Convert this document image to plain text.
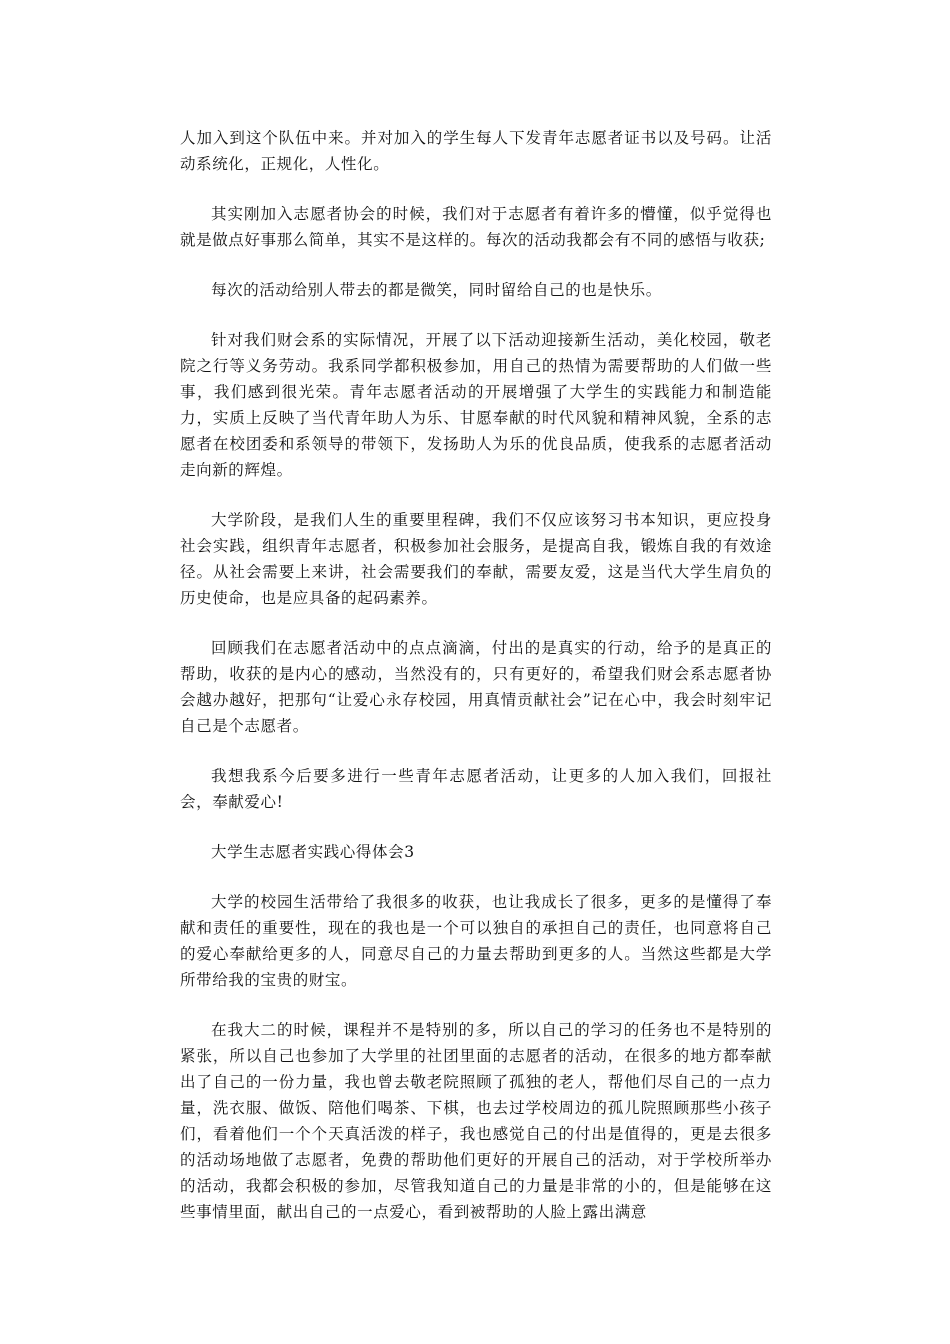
人加入到这个队伍中来。并对加入的学生每人下发青年志愿者证书以及号码。让活动系统化，正规化，人性化。

其实刚加入志愿者协会的时候，我们对于志愿者有着许多的懵懂，似乎觉得也就是做点好事那么简单，其实不是这样的。每次的活动我都会有不同的感悟与收获;

每次的活动给别人带去的都是微笑，同时留给自己的也是快乐。

针对我们财会系的实际情况，开展了以下活动迎接新生活动，美化校园，敬老院之行等义务劳动。我系同学都积极参加，用自己的热情为需要帮助的人们做一些事，我们感到很光荣。青年志愿者活动的开展增强了大学生的实践能力和制造能力，实质上反映了当代青年助人为乐、甘愿奉献的时代风貌和精神风貌，全系的志愿者在校团委和系领导的带领下，发扬助人为乐的优良品质，使我系的志愿者活动走向新的辉煌。

大学阶段，是我们人生的重要里程碑，我们不仅应该努习书本知识，更应投身社会实践，组织青年志愿者，积极参加社会服务，是提高自我，锻炼自我的有效途径。从社会需要上来讲，社会需要我们的奉献，需要友爱，这是当代大学生肩负的历史使命，也是应具备的起码素养。

回顾我们在志愿者活动中的点点滴滴，付出的是真实的行动，给予的是真正的帮助，收获的是内心的感动，当然没有的，只有更好的，希望我们财会系志愿者协会越办越好，把那句“让爱心永存校园，用真情贡献社会”记在心中，我会时刻牢记自己是个志愿者。

我想我系今后要多进行一些青年志愿者活动，让更多的人加入我们，回报社会，奉献爱心!

大学生志愿者实践心得体会3

大学的校园生活带给了我很多的收获，也让我成长了很多，更多的是懂得了奉献和责任的重要性，现在的我也是一个可以独自的承担自己的责任，也同意将自己的爱心奉献给更多的人，同意尽自己的力量去帮助到更多的人。当然这些都是大学所带给我的宝贵的财宝。

在我大二的时候，课程并不是特别的多，所以自己的学习的任务也不是特别的紧张，所以自己也参加了大学里的社团里面的志愿者的活动，在很多的地方都奉献出了自己的一份力量，我也曾去敬老院照顾了孤独的老人，帮他们尽自己的一点力量，洗衣服、做饭、陪他们喝茶、下棋，也去过学校周边的孤儿院照顾那些小孩子们，看着他们一个个天真活泼的样子，我也感觉自己的付出是值得的，更是去很多的活动场地做了志愿者，免费的帮助他们更好的开展自己的活动，对于学校所举办的活动，我都会积极的参加，尽管我知道自己的力量是非常的小的，但是能够在这些事情里面，献出自己的一点爱心，看到被帮助的人脸上露出满意
